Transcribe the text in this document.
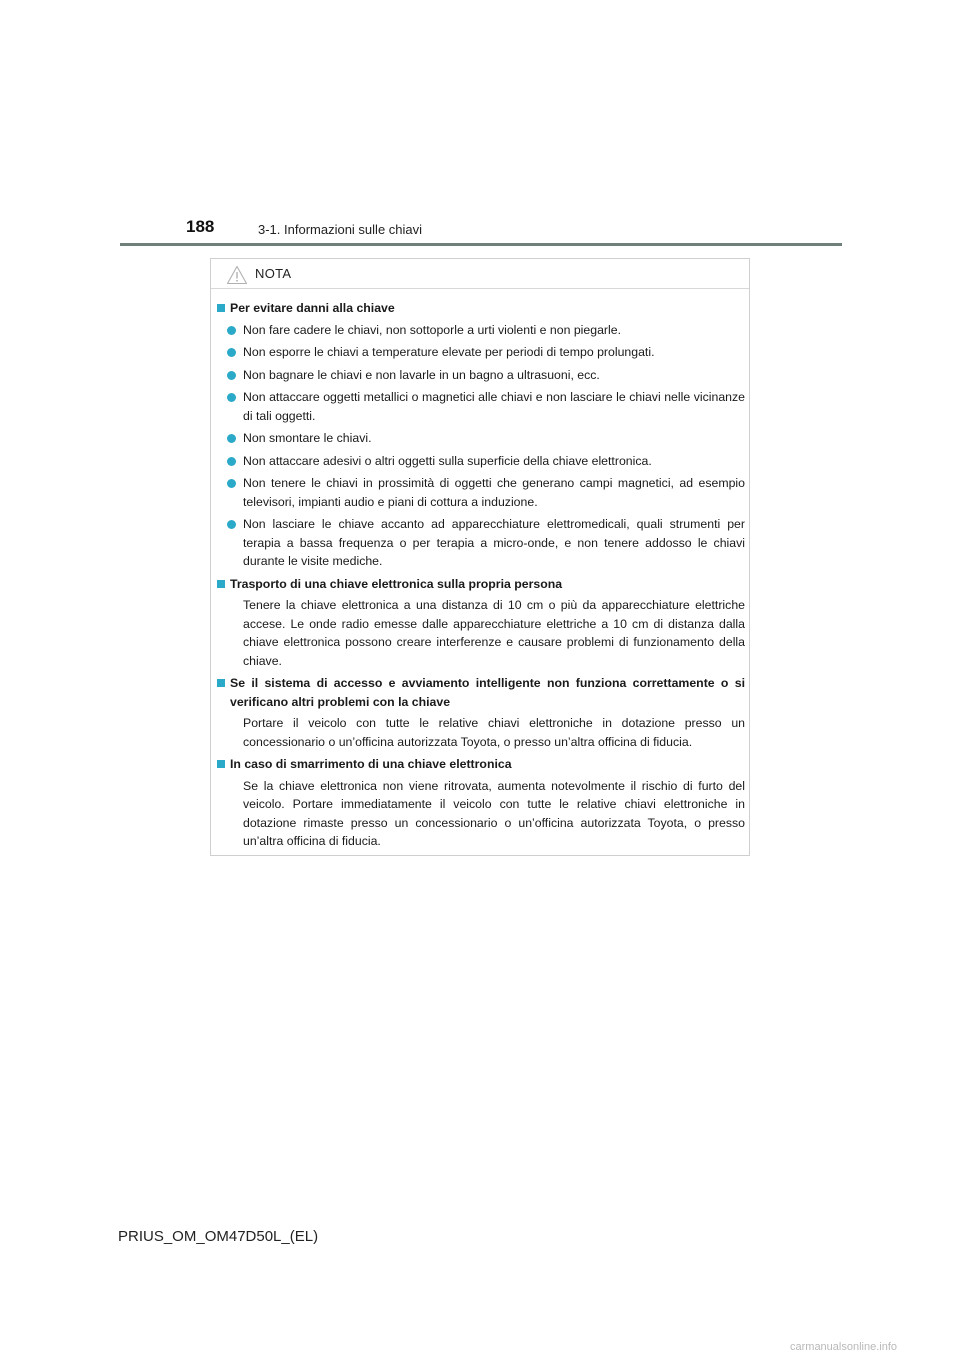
188	3-1. Informazioni sulle chiavi
NOTA
Per evitare danni alla chiave
Non fare cadere le chiavi, non sottoporle a urti violenti e non piegarle.
Non esporre le chiavi a temperature elevate per periodi di tempo prolungati.
Non bagnare le chiavi e non lavarle in un bagno a ultrasuoni, ecc.
Non attaccare oggetti metallici o magnetici alle chiavi e non lasciare le chiavi nelle vicinanze di tali oggetti.
Non smontare le chiavi.
Non attaccare adesivi o altri oggetti sulla superficie della chiave elettronica.
Non tenere le chiavi in prossimità di oggetti che generano campi magnetici, ad esempio televisori, impianti audio e piani di cottura a induzione.
Non lasciare le chiave accanto ad apparecchiature elettromedicali, quali strumenti per terapia a bassa frequenza o per terapia a micro-onde, e non tenere addosso le chiavi durante le visite mediche.
Trasporto di una chiave elettronica sulla propria persona

Tenere la chiave elettronica a una distanza di 10 cm o più da apparecchiature elettriche accese. Le onde radio emesse dalle apparecchiature elettriche a 10 cm di distanza dalla chiave elettronica possono creare interferenze e causare problemi di funzionamento della chiave.

Se il sistema di accesso e avviamento intelligente non funziona correttamente o si verificano altri problemi con la chiave

Portare il veicolo con tutte le relative chiavi elettroniche in dotazione presso un concessionario o un’officina autorizzata Toyota, o presso un’altra officina di fiducia.

In caso di smarrimento di una chiave elettronica

Se la chiave elettronica non viene ritrovata, aumenta notevolmente il rischio di furto del veicolo. Portare immediatamente il veicolo con tutte le relative chiavi elettroniche in dotazione rimaste presso un concessionario o un’officina autorizzata Toyota, o presso un’altra officina di fiducia.

PRIUS_OM_OM47D50L_(EL)
carmanualsonline.info
